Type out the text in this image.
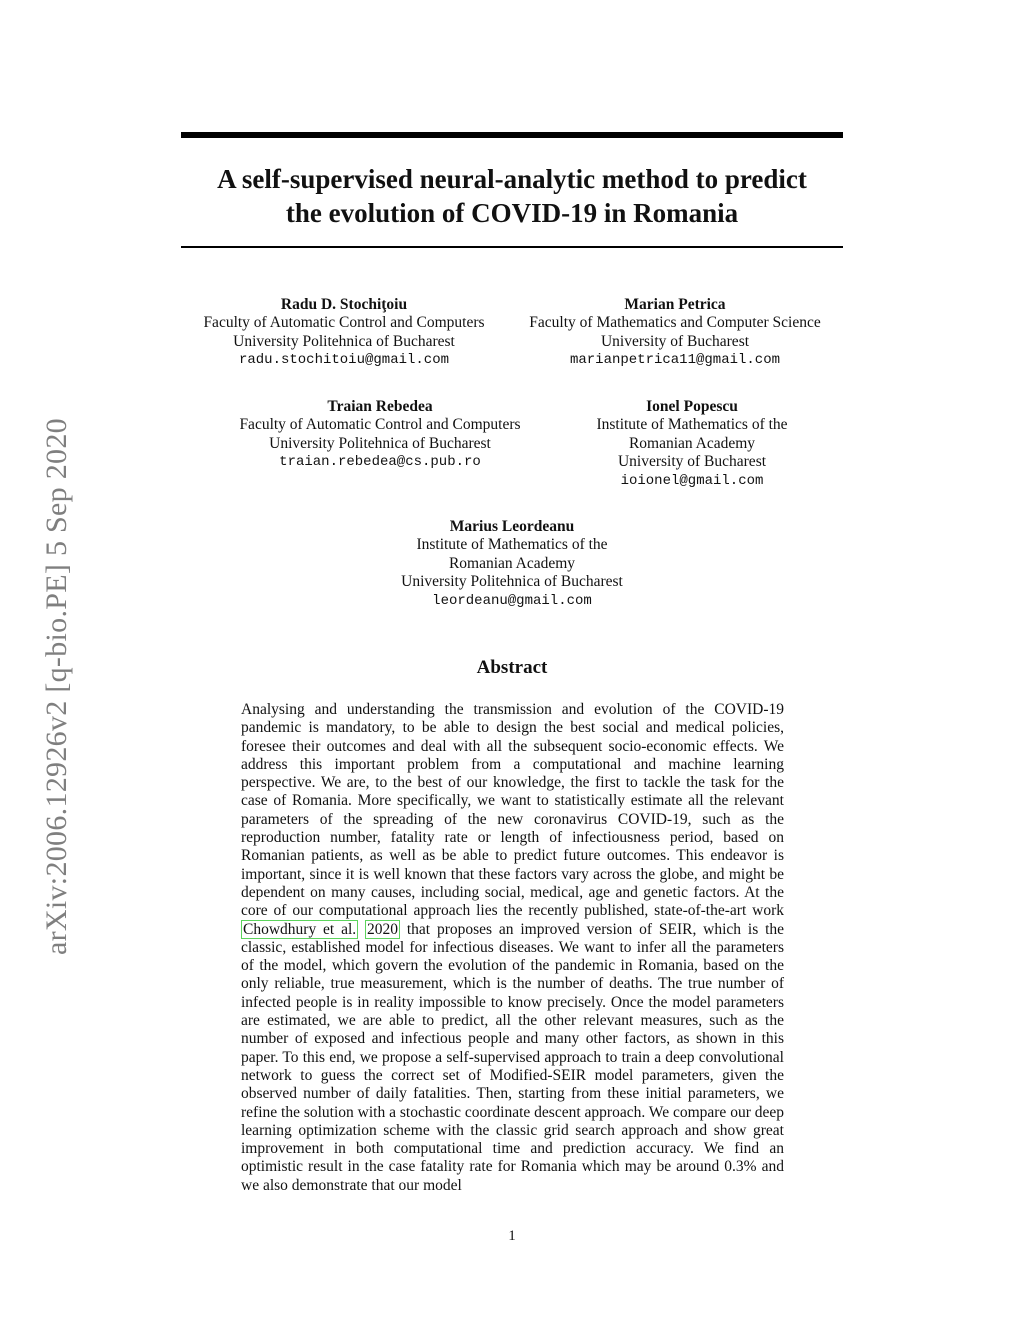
arXiv:2006.12926v2 [q-bio.PE] 5 Sep 2020
A self-supervised neural-analytic method to predict
the evolution of COVID-19 in Romania
Radu D. Stochiţoiu
Faculty of Automatic Control and Computers
University Politehnica of Bucharest
radu.stochitoiu@gmail.com
Marian Petrica
Faculty of Mathematics and Computer Science
University of Bucharest
marianpetrica11@gmail.com
Traian Rebedea
Faculty of Automatic Control and Computers
University Politehnica of Bucharest
traian.rebedea@cs.pub.ro
Ionel Popescu
Institute of Mathematics of the
Romanian Academy
University of Bucharest
ioionel@gmail.com
Marius Leordeanu
Institute of Mathematics of the
Romanian Academy
University Politehnica of Bucharest
leordeanu@gmail.com
Abstract
Analysing and understanding the transmission and evolution of the COVID-19 pandemic is mandatory, to be able to design the best social and medical policies, foresee their outcomes and deal with all the subsequent socio-economic effects. We address this important problem from a computational and machine learning perspective. We are, to the best of our knowledge, the first to tackle the task for the case of Romania. More specifically, we want to statistically estimate all the relevant parameters of the spreading of the new coronavirus COVID-19, such as the reproduction number, fatality rate or length of infectiousness period, based on Romanian patients, as well as be able to predict future outcomes. This endeavor is important, since it is well known that these factors vary across the globe, and might be dependent on many causes, including social, medical, age and genetic factors. At the core of our computational approach lies the recently published, state-of-the-art work Chowdhury et al. 2020 that proposes an improved version of SEIR, which is the classic, established model for infectious diseases. We want to infer all the parameters of the model, which govern the evolution of the pandemic in Romania, based on the only reliable, true measurement, which is the number of deaths. The true number of infected people is in reality impossible to know precisely. Once the model parameters are estimated, we are able to predict, all the other relevant measures, such as the number of exposed and infectious people and many other factors, as shown in this paper. To this end, we propose a self-supervised approach to train a deep convolutional network to guess the correct set of Modified-SEIR model parameters, given the observed number of daily fatalities. Then, starting from these initial parameters, we refine the solution with a stochastic coordinate descent approach. We compare our deep learning optimization scheme with the classic grid search approach and show great improvement in both computational time and prediction accuracy. We find an optimistic result in the case fatality rate for Romania which may be around 0.3% and we also demonstrate that our model
1
